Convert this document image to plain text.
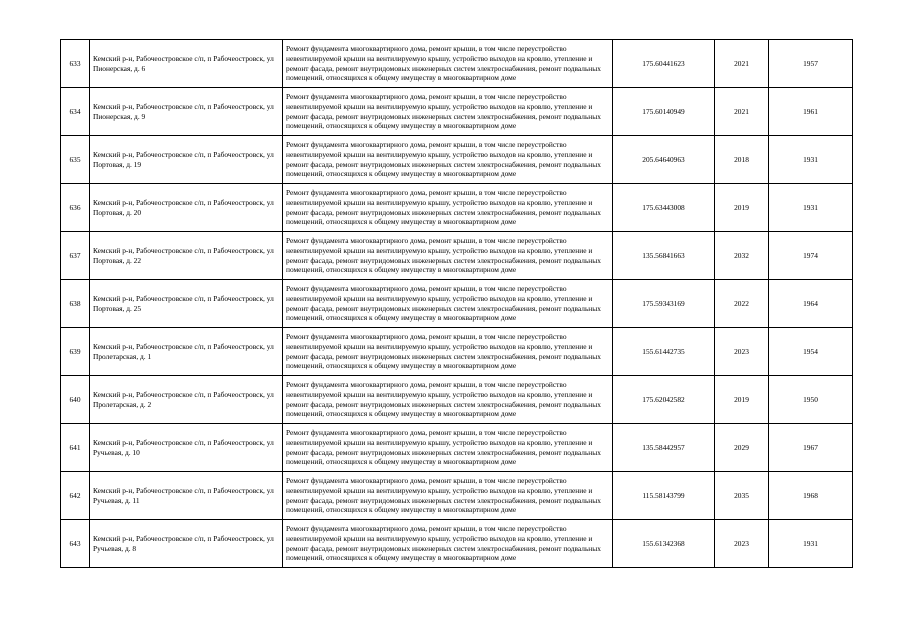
633	Кемский р-н, Рабочеостровское с/п, п Рабочеостровск, ул Пионерская, д. 6	Ремонт фундамента многоквартирного дома, ремонт крыши, в том числе переустройство невентилируемой крыши на вентилируемую крышу, устройство выходов на кровлю, утепление и ремонт фасада, ремонт внутридомовых инженерных систем электроснабжения, ремонт подвальных помещений, относящихся к общему имуществу в многоквартирном доме	175.60441623	2021	1957
634	Кемский р-н, Рабочеостровское с/п, п Рабочеостровск, ул Пионерская, д. 9	Ремонт фундамента многоквартирного дома, ремонт крыши, в том числе переустройство невентилируемой крыши на вентилируемую крышу, устройство выходов на кровлю, утепление и ремонт фасада, ремонт внутридомовых инженерных систем электроснабжения, ремонт подвальных помещений, относящихся к общему имуществу в многоквартирном доме	175.60140949	2021	1961
635	Кемский р-н, Рабочеостровское с/п, п Рабочеостровск, ул Портовая, д. 19	Ремонт фундамента многоквартирного дома, ремонт крыши, в том числе переустройство невентилируемой крыши на вентилируемую крышу, устройство выходов на кровлю, утепление и ремонт фасада, ремонт внутридомовых инженерных систем электроснабжения, ремонт подвальных помещений, относящихся к общему имуществу в многоквартирном доме	205.64640963	2018	1931
636	Кемский р-н, Рабочеостровское с/п, п Рабочеостровск, ул Портовая, д. 20	Ремонт фундамента многоквартирного дома, ремонт крыши, в том числе переустройство невентилируемой крыши на вентилируемую крышу, устройство выходов на кровлю, утепление и ремонт фасада, ремонт внутридомовых инженерных систем электроснабжения, ремонт подвальных помещений, относящихся к общему имуществу в многоквартирном доме	175.63443008	2019	1931
637	Кемский р-н, Рабочеостровское с/п, п Рабочеостровск, ул Портовая, д. 22	Ремонт фундамента многоквартирного дома, ремонт крыши, в том числе переустройство невентилируемой крыши на вентилируемую крышу, устройство выходов на кровлю, утепление и ремонт фасада, ремонт внутридомовых инженерных систем электроснабжения, ремонт подвальных помещений, относящихся к общему имуществу в многоквартирном доме	135.56841663	2032	1974
638	Кемский р-н, Рабочеостровское с/п, п Рабочеостровск, ул Портовая, д. 25	Ремонт фундамента многоквартирного дома, ремонт крыши, в том числе переустройство невентилируемой крыши на вентилируемую крышу, устройство выходов на кровлю, утепление и ремонт фасада, ремонт внутридомовых инженерных систем электроснабжения, ремонт подвальных помещений, относящихся к общему имуществу в многоквартирном доме	175.59343169	2022	1964
639	Кемский р-н, Рабочеостровское с/п, п Рабочеостровск, ул Пролетарская, д. 1	Ремонт фундамента многоквартирного дома, ремонт крыши, в том числе переустройство невентилируемой крыши на вентилируемую крышу, устройство выходов на кровлю, утепление и ремонт фасада, ремонт внутридомовых инженерных систем электроснабжения, ремонт подвальных помещений, относящихся к общему имуществу в многоквартирном доме	155.61442735	2023	1954
640	Кемский р-н, Рабочеостровское с/п, п Рабочеостровск, ул Пролетарская, д. 2	Ремонт фундамента многоквартирного дома, ремонт крыши, в том числе переустройство невентилируемой крыши на вентилируемую крышу, устройство выходов на кровлю, утепление и ремонт фасада, ремонт внутридомовых инженерных систем электроснабжения, ремонт подвальных помещений, относящихся к общему имуществу в многоквартирном доме	175.62042582	2019	1950
641	Кемский р-н, Рабочеостровское с/п, п Рабочеостровск, ул Ручьевая, д. 10	Ремонт фундамента многоквартирного дома, ремонт крыши, в том числе переустройство невентилируемой крыши на вентилируемую крышу, устройство выходов на кровлю, утепление и ремонт фасада, ремонт внутридомовых инженерных систем электроснабжения, ремонт подвальных помещений, относящихся к общему имуществу в многоквартирном доме	135.58442957	2029	1967
642	Кемский р-н, Рабочеостровское с/п, п Рабочеостровск, ул Ручьевая, д. 11	Ремонт фундамента многоквартирного дома, ремонт крыши, в том числе переустройство невентилируемой крыши на вентилируемую крышу, устройство выходов на кровлю, утепление и ремонт фасада, ремонт внутридомовых инженерных систем электроснабжения, ремонт подвальных помещений, относящихся к общему имуществу в многоквартирном доме	115.58143799	2035	1968
643	Кемский р-н, Рабочеостровское с/п, п Рабочеостровск, ул Ручьевая, д. 8	Ремонт фундамента многоквартирного дома, ремонт крыши, в том числе переустройство невентилируемой крыши на вентилируемую крышу, устройство выходов на кровлю, утепление и ремонт фасада, ремонт внутридомовых инженерных систем электроснабжения, ремонт подвальных помещений, относящихся к общему имуществу в многоквартирном доме	155.61342368	2023	1931
